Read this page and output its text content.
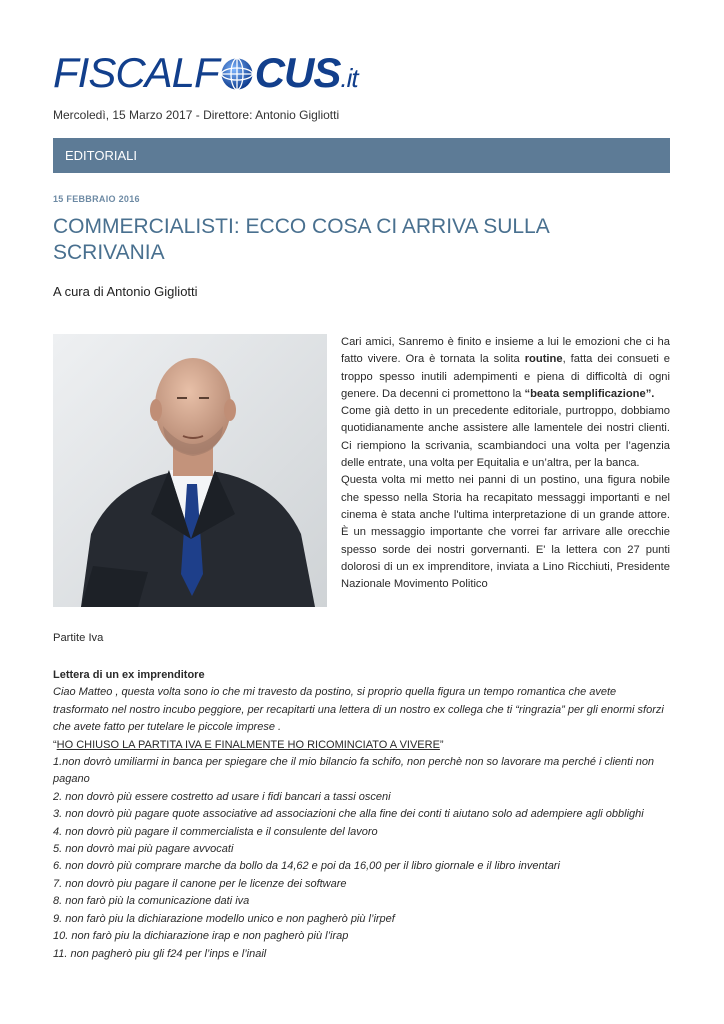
FISCALF CUS.it
Mercoledì, 15 Marzo 2017 - Direttore: Antonio Gigliotti
EDITORIALI
15 FEBBRAIO 2016
COMMERCIALISTI: ECCO COSA CI ARRIVA SULLA SCRIVANIA
A cura di Antonio Gigliotti

Cari amici, Sanremo è finito e insieme a lui le emozioni che ci ha fatto vivere. Ora è tornata la solita routine, fatta dei consueti e troppo spesso inutili adempimenti e piena di difficoltà di ogni genere. Da decenni ci promettono la “beata semplificazione”.

Come già detto in un precedente editoriale, purtroppo, dobbiamo quotidianamente anche assistere alle lamentele dei nostri clienti. Ci riempiono la scrivania, scambiandoci una volta per l’agenzia delle entrate, una volta per Equitalia e un’altra, per la banca.

Questa volta mi metto nei panni di un postino, una figura nobile che spesso nella Storia ha recapitato messaggi importanti e nel cinema è stata anche l'ultima interpretazione di un grande attore. È un messaggio importante che vorrei far arrivare alle orecchie spesso sorde dei nostri gorvernanti. E' la lettera con 27 punti dolorosi di un ex imprenditore, inviata a Lino Ricchiuti, Presidente Nazionale Movimento Politico

Partite Iva

Lettera di un ex imprenditore

Ciao Matteo , questa volta sono io che mi travesto da postino, si proprio quella figura un tempo romantica che avete trasformato nel nostro incubo peggiore, per recapitarti una lettera di un nostro ex collega che ti “ringrazia” per gli enormi sforzi che avete fatto per tutelare le piccole imprese .

“HO CHIUSO LA PARTITA IVA E FINALMENTE HO RICOMINCIATO A VIVERE”

1.non dovrò umiliarmi in banca per spiegare che il mio bilancio fa schifo, non perchè non so lavorare ma perché i clienti non pagano

2. non dovrò più essere costretto ad usare i fidi bancari a tassi osceni

3. non dovrò più pagare quote associative ad associazioni che alla fine dei conti ti aiutano solo ad adempiere agli obblighi

4. non dovrò più pagare il commercialista e il consulente del lavoro

5. non dovrò mai più pagare avvocati

6. non dovrò più comprare marche da bollo da 14,62 e poi da 16,00 per il libro giornale e il libro inventari

7. non dovrò piu pagare il canone per le licenze dei software

8. non farò più la comunicazione dati iva

9. non farò piu la dichiarazione modello unico e non pagherò più l’irpef

10. non farò piu la dichiarazione irap e non pagherò più l’irap

11. non pagherò piu gli f24 per l’inps e l’inail
